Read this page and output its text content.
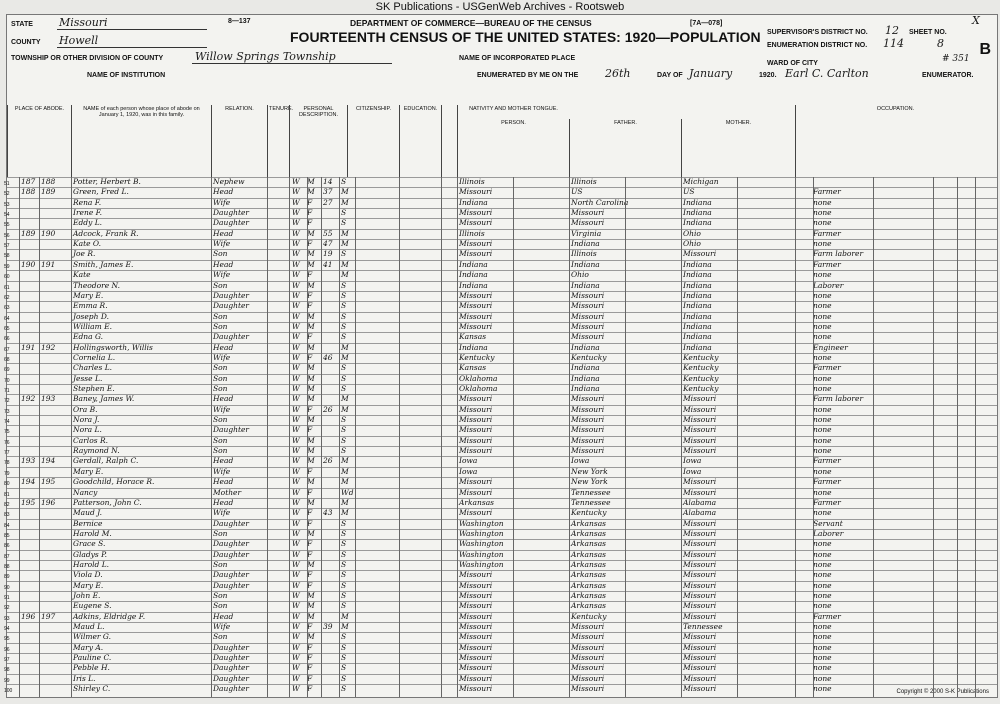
SK Publications - USGenWeb Archives - Rootsweb
8—137	DEPARTMENT OF COMMERCE—BUREAU OF THE CENSUS	[7A—078]
FOURTEENTH CENSUS OF THE UNITED STATES: 1920—POPULATION
STATE Missouri
COUNTY Howell
TOWNSHIP OR OTHER DIVISION OF COUNTY	Willow Springs Township	NAME OF INCORPORATED PLACE
WARD OF CITY
NAME OF INSTITUTION	ENUMERATED BY ME ON THE 26th	DAY OF January	1920. Earl C. Carlton	ENUMERATOR.
SUPERVISOR'S DISTRICT NO. 12
ENUMERATION DISTRICT NO. 114
SHEET NO.
8 B
X
# 351
PLACE OF ABODE.	NAME of each person whose place of abode on January 1, 1920, was in this family.
RELATION.	TENURE.	PERSONAL DESCRIPTION.
CITIZENSHIP.	EDUCATION.	NATIVITY AND MOTHER TONGUE.
PERSON.	FATHER.	MOTHER.
OCCUPATION.
51 187 188	Potter, Herbert B.	Nephew	W M	14	S	Illinois	Illinois	Michigan
52 188 189	Green, Fred L.	Head	W M	37	M	Missouri	US	US	Farmer
53	Rena F.	Wife	W F	27	M	Indiana	North Carolina	Indiana	none
54	Irene F.	Daughter	W F	S	Missouri	Missouri	Indiana	none
55	Eddy L.	Daughter	W F	S	Missouri	Missouri	Indiana	none
56 189 190	Adcock, Frank R.	Head	W M	55	M	Illinois	Virginia	Ohio	Farmer
57	Kate O.	Wife	W F	47	M	Missouri	Indiana	Ohio	none
58	Joe R.	Son	W M	19	S	Missouri	Illinois	Missouri	Farm laborer
59 190 191	Smith, James E.	Head	W M	41	M	Indiana	Indiana	Indiana	Farmer
60	Kate	Wife	W F	M	Indiana	Ohio	Indiana	none
61	Theodore N.	Son	W M	S	Indiana	Indiana	Indiana	Laborer
62	Mary E.	Daughter	W F	S	Missouri	Missouri	Indiana	none
63	Emma R.	Daughter	W F	S	Missouri	Missouri	Indiana	none
64	Joseph D.	Son	W M	S	Missouri	Missouri	Indiana	none
65	William E.	Son	W M	S	Missouri	Missouri	Indiana	none
66	Edna G.	Daughter	W F	S	Kansas	Missouri	Indiana	none
67 191 192	Hollingsworth, Willis	Head	W M	M	Indiana	Indiana	Indiana	Engineer
68	Cornelia L.	Wife	W F	46	M	Kentucky	Kentucky	Kentucky	none
69	Charles L.	Son	W M	S	Kansas	Indiana	Kentucky	Farmer
70	Jesse L.	Son	W M	S	Oklahoma	Indiana	Kentucky	none
71	Stephen E.	Son	W M	S	Oklahoma	Indiana	Kentucky	none
72 192 193	Baney, James W.	Head	W M	M	Missouri	Missouri	Missouri	Farm laborer
73	Ora B.	Wife	W F	26	M	Missouri	Missouri	Missouri	none
74	Nora J.	Son	W M	S	Missouri	Missouri	Missouri	none
75	Nora L.	Daughter	W F	S	Missouri	Missouri	Missouri	none
76	Carlos R.	Son	W M	S	Missouri	Missouri	Missouri	none
77	Raymond N.	Son	W M	S	Missouri	Missouri	Missouri	none
78 193 194	Gerdall, Ralph C.	Head	W M	26	M	Iowa	Iowa	Iowa	Farmer
79	Mary E.	Wife	W F	M	Iowa	New York	Iowa	none
80 194 195	Goodchild, Horace R.	Head	W M	M	Missouri	New York	Missouri	Farmer
81	Nancy	Mother	W F	Wd	Missouri	Tennessee	Missouri	none
82 195 196	Patterson, John C.	Head	W M	M	Arkansas	Tennessee	Alabama	Farmer
83	Maud J.	Wife	W F	43	M	Missouri	Kentucky	Alabama	none
84	Bernice	Daughter	W F	S	Washington	Arkansas	Missouri	Servant
85	Harold M.	Son	W M	S	Washington	Arkansas	Missouri	Laborer
86	Grace S.	Daughter	W F	S	Washington	Arkansas	Missouri	none
87	Gladys P.	Daughter	W F	S	Washington	Arkansas	Missouri	none
88	Harold L.	Son	W M	S	Washington	Arkansas	Missouri	none
89	Viola D.	Daughter	W F	S	Missouri	Arkansas	Missouri	none
90	Mary E.	Daughter	W F	S	Missouri	Arkansas	Missouri	none
91	John E.	Son	W M	S	Missouri	Arkansas	Missouri	none
92	Eugene S.	Son	W M	S	Missouri	Arkansas	Missouri	none
93 196 197	Adkins, Eldridge F.	Head	W M	M	Missouri	Kentucky	Missouri	Farmer
94	Maud L.	Wife	W F	39	M	Missouri	Missouri	Tennessee	none
95	Wilmer G.	Son	W M	S	Missouri	Missouri	Missouri	none
96	Mary A.	Daughter	W F	S	Missouri	Missouri	Missouri	none
97	Pauline C.	Daughter	W F	S	Missouri	Missouri	Missouri	none
98	Pebble H.	Daughter	W F	S	Missouri	Missouri	Missouri	none
99	Iris L.	Daughter	W F	S	Missouri	Missouri	Missouri	none
100	Shirley C.	Daughter	W F	S	Missouri	Missouri	Missouri	none	Copyright © 2000 S-K Publications
